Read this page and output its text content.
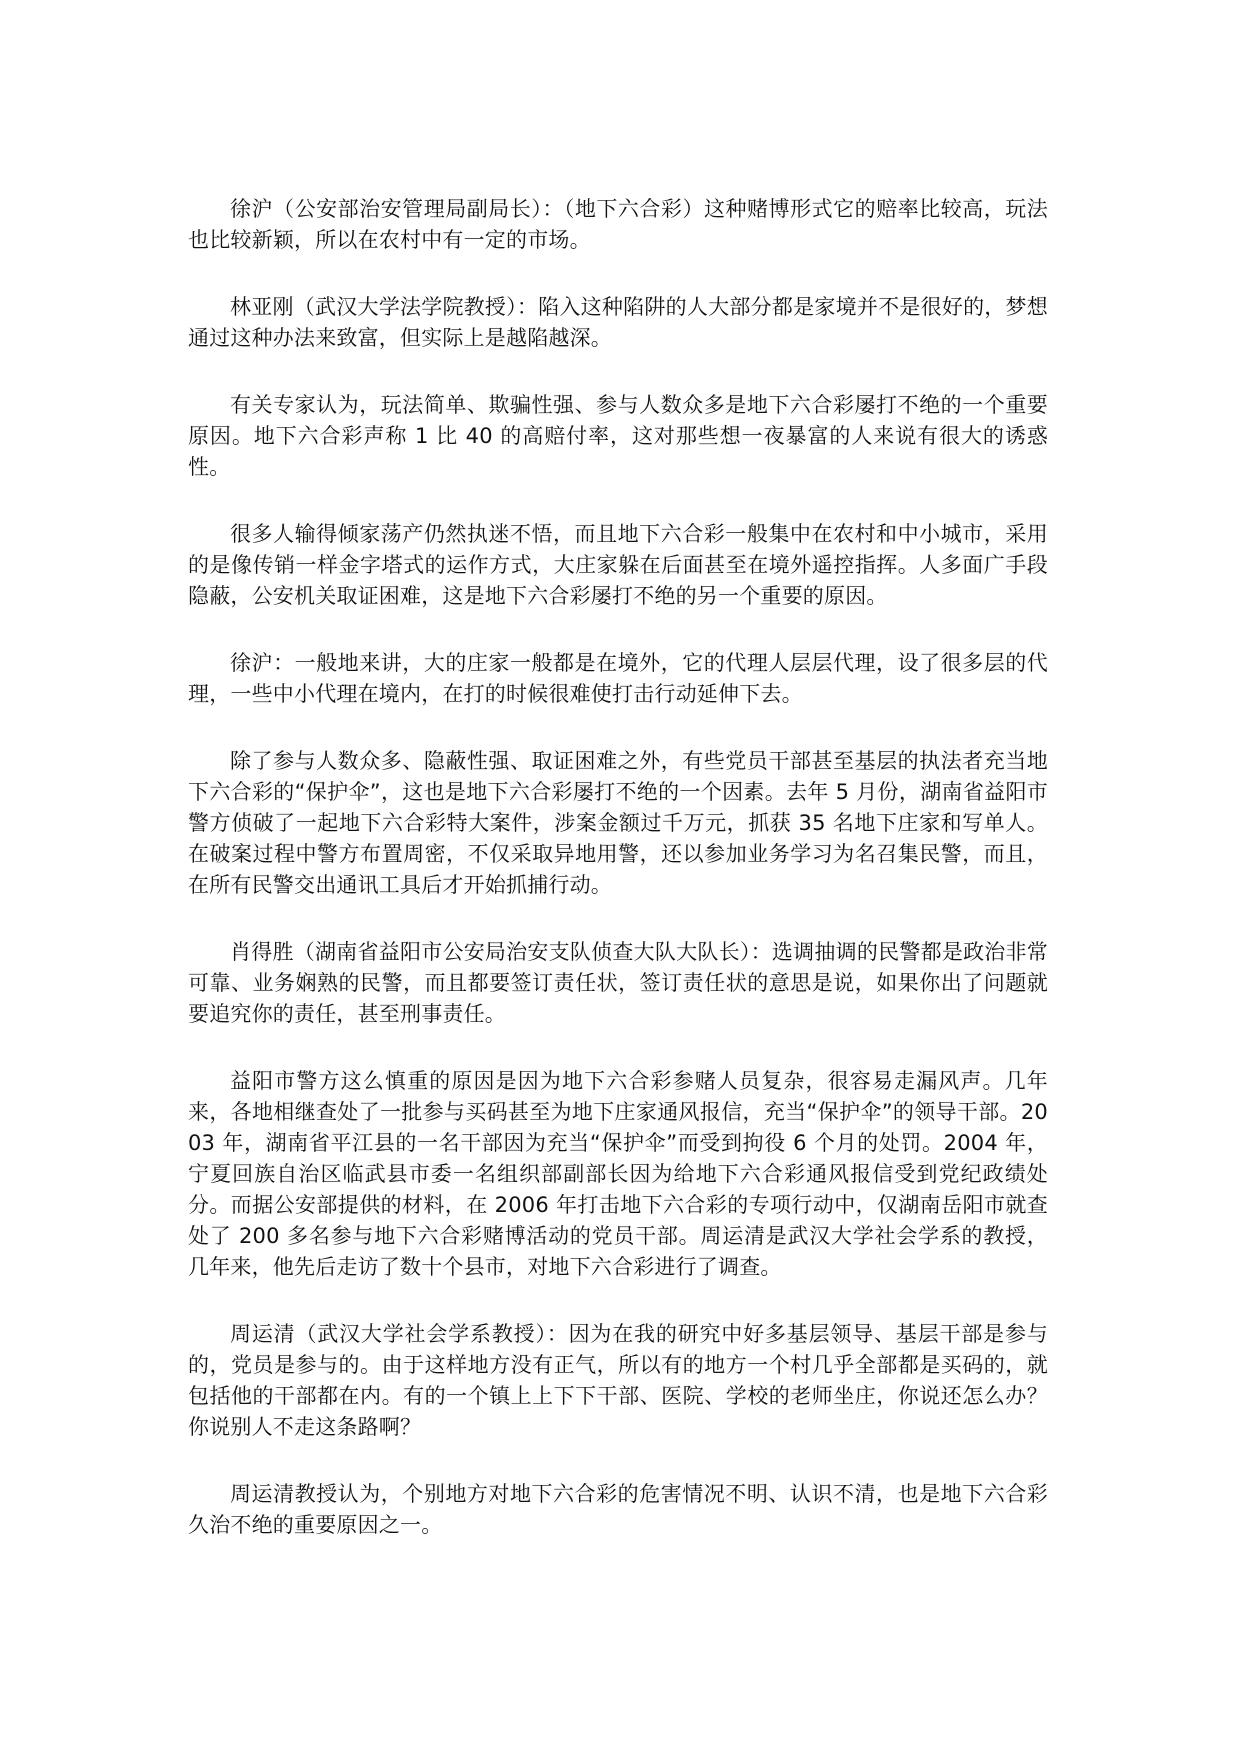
徐沪（公安部治安管理局副局长）：（地下六合彩）这种赌博形式它的赔率比较高，玩法也比较新颖，所以在农村中有一定的市场。

林亚刚（武汉大学法学院教授）：陷入这种陷阱的人大部分都是家境并不是很好的，梦想通过这种办法来致富，但实际上是越陷越深。

有关专家认为，玩法简单、欺骗性强、参与人数众多是地下六合彩屡打不绝的一个重要原因。地下六合彩声称 1 比 40 的高赔付率，这对那些想一夜暴富的人来说有很大的诱惑性。

很多人输得倾家荡产仍然执迷不悟，而且地下六合彩一般集中在农村和中小城市，采用的是像传销一样金字塔式的运作方式，大庄家躲在后面甚至在境外遥控指挥。人多面广手段隐蔽，公安机关取证困难，这是地下六合彩屡打不绝的另一个重要的原因。

徐沪：一般地来讲，大的庄家一般都是在境外，它的代理人层层代理，设了很多层的代理，一些中小代理在境内，在打的时候很难使打击行动延伸下去。

除了参与人数众多、隐蔽性强、取证困难之外，有些党员干部甚至基层的执法者充当地下六合彩的“保护伞”，这也是地下六合彩屡打不绝的一个因素。去年 5 月份，湖南省益阳市警方侦破了一起地下六合彩特大案件，涉案金额过千万元，抓获 35 名地下庄家和写单人。在破案过程中警方布置周密，不仅采取异地用警，还以参加业务学习为名召集民警，而且，在所有民警交出通讯工具后才开始抓捕行动。

肖得胜（湖南省益阳市公安局治安支队侦查大队大队长）：选调抽调的民警都是政治非常可靠、业务娴熟的民警，而且都要签订责任状，签订责任状的意思是说，如果你出了问题就要追究你的责任，甚至刑事责任。

益阳市警方这么慎重的原因是因为地下六合彩参赌人员复杂，很容易走漏风声。几年来，各地相继查处了一批参与买码甚至为地下庄家通风报信，充当“保护伞”的领导干部。2003 年，湖南省平江县的一名干部因为充当“保护伞”而受到拘役 6 个月的处罚。2004 年，宁夏回族自治区临武县市委一名组织部副部长因为给地下六合彩通风报信受到党纪政绩处分。而据公安部提供的材料，在 2006 年打击地下六合彩的专项行动中，仅湖南岳阳市就查处了 200 多名参与地下六合彩赌博活动的党员干部。周运清是武汉大学社会学系的教授，几年来，他先后走访了数十个县市，对地下六合彩进行了调查。

周运清（武汉大学社会学系教授）：因为在我的研究中好多基层领导、基层干部是参与的，党员是参与的。由于这样地方没有正气，所以有的地方一个村几乎全部都是买码的，就包括他的干部都在内。有的一个镇上上下下干部、医院、学校的老师坐庄，你说还怎么办？你说别人不走这条路啊？

周运清教授认为，个别地方对地下六合彩的危害情况不明、认识不清，也是地下六合彩久治不绝的重要原因之一。
